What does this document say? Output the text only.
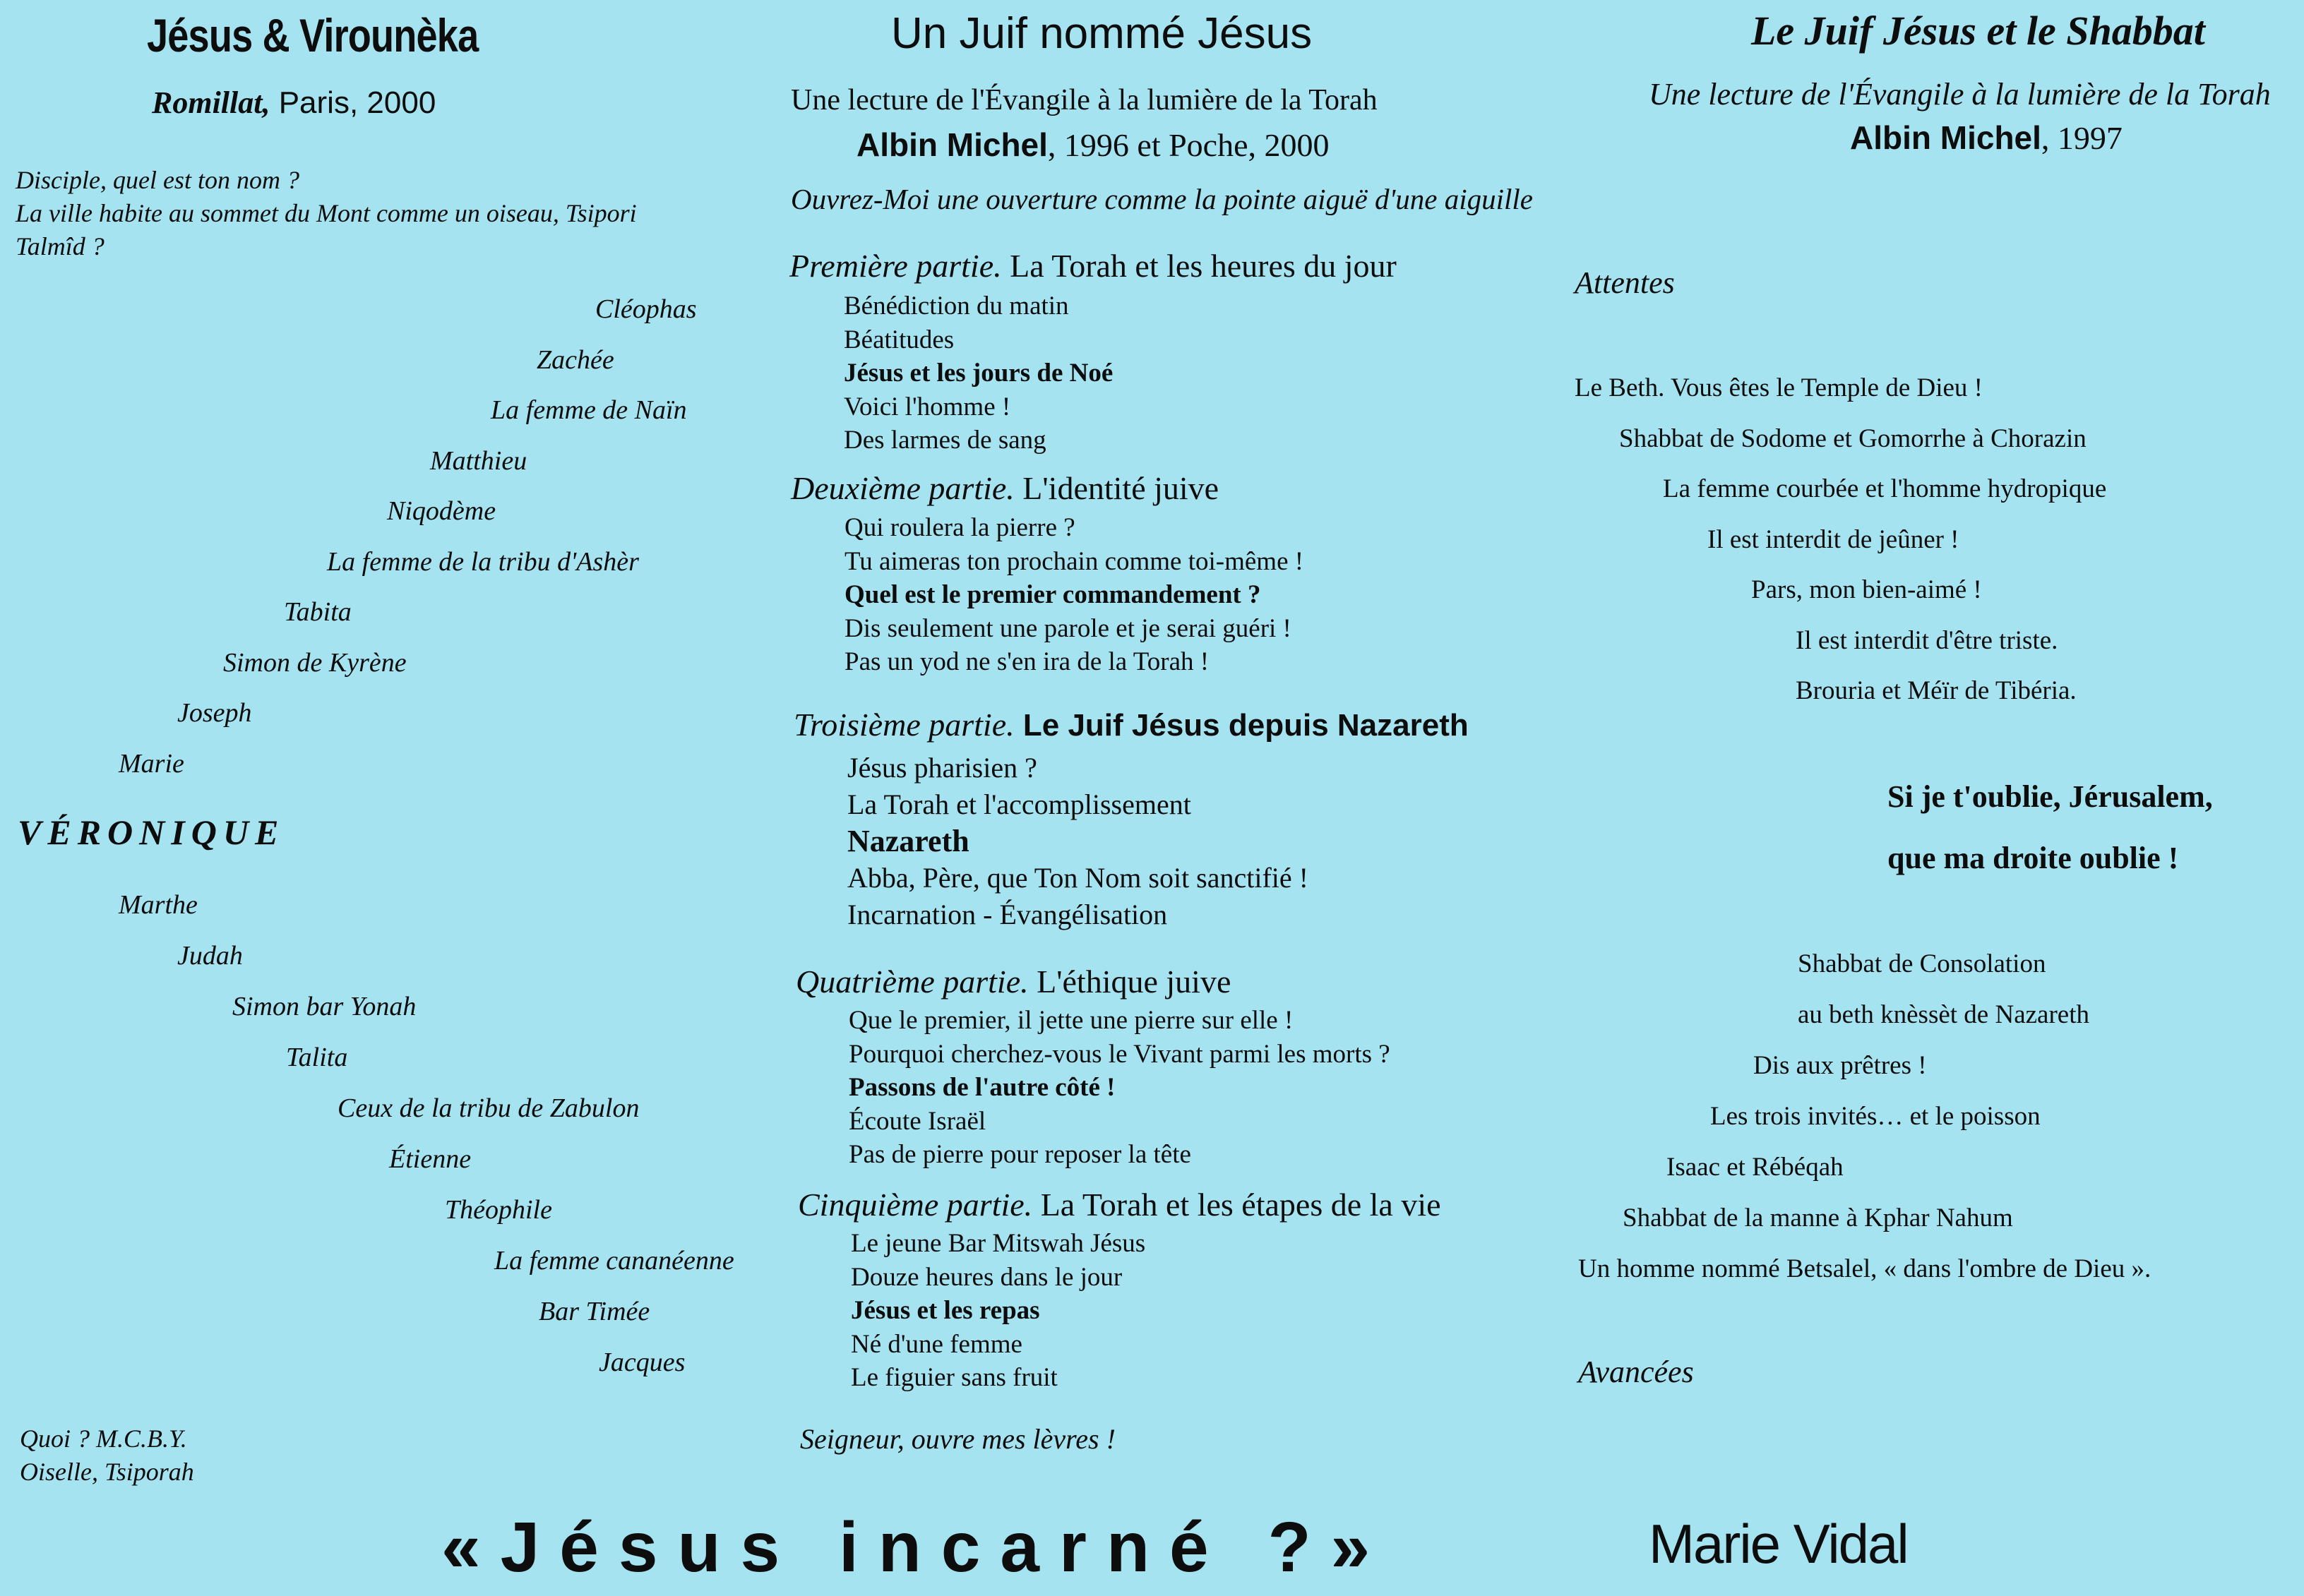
Jésus & Virounèka
Romillat, Paris, 2000
Disciple, quel est ton nom ?
La ville habite au sommet du Mont comme un oiseau, Tsipori
Talmîd ?
Cléophas
Zachée
La femme de Naïn
Matthieu
Niqodème
La femme de la tribu d'Ashèr
Tabita
Simon de Kyrène
Joseph
Marie
VÉRONIQUE
Marthe
Judah
Simon bar Yonah
Talita
Ceux de la tribu de Zabulon
Étienne
Théophile
La femme cananéenne
Bar Timée
Jacques
Quoi ? M.C.B.Y.
Oiselle, Tsiporah
Un Juif nommé Jésus
Une lecture de l'Évangile à la lumière de la Torah
Albin Michel, 1996 et Poche, 2000
Ouvrez-Moi une ouverture comme la pointe aiguë d'une aiguille
Première partie. La Torah et les heures du jour
Bénédiction du matin
Béatitudes
Jésus et les jours de Noé
Voici l'homme !
Des larmes de sang
Deuxième partie. L'identité juive
Qui roulera la pierre ?
Tu aimeras ton prochain comme toi-même !
Quel est le premier commandement ?
Dis seulement une parole et je serai guéri !
Pas un yod ne s'en ira de la Torah !
Troisième partie. Le Juif Jésus depuis Nazareth
Jésus pharisien ?
La Torah et l'accomplissement
Nazareth
Abba, Père, que Ton Nom soit sanctifié !
Incarnation - Évangélisation
Quatrième partie. L'éthique juive
Que le premier, il jette une pierre sur elle !
Pourquoi cherchez-vous le Vivant parmi les morts ?
Passons de l'autre côté !
Écoute Israël
Pas de pierre pour reposer la tête
Cinquième partie. La Torah et les étapes de la vie
Le jeune Bar Mitswah Jésus
Douze heures dans le jour
Jésus et les repas
Né d'une femme
Le figuier sans fruit
Seigneur, ouvre mes lèvres !
Le Juif Jésus et le Shabbat
Une lecture de l'Évangile à la lumière de la Torah
Albin Michel, 1997
Attentes
Le Beth. Vous êtes le Temple de Dieu !
Shabbat de Sodome et Gomorrhe à Chorazin
La femme courbée et l'homme hydropique
Il est interdit de jeûner !
Pars, mon bien-aimé !
Il est interdit d'être triste.
Brouria et Méïr de Tibéria.
Si je t'oublie, Jérusalem,
que ma droite oublie !
Shabbat de Consolation
au beth knèssèt de Nazareth
Dis aux prêtres !
Les trois invités… et le poisson
Isaac et Rébéqah
Shabbat de la manne à Kphar Nahum
Un homme nommé Betsalel, « dans l'ombre de Dieu ».
Avancées
«Jésus incarné ?»	Marie Vidal
